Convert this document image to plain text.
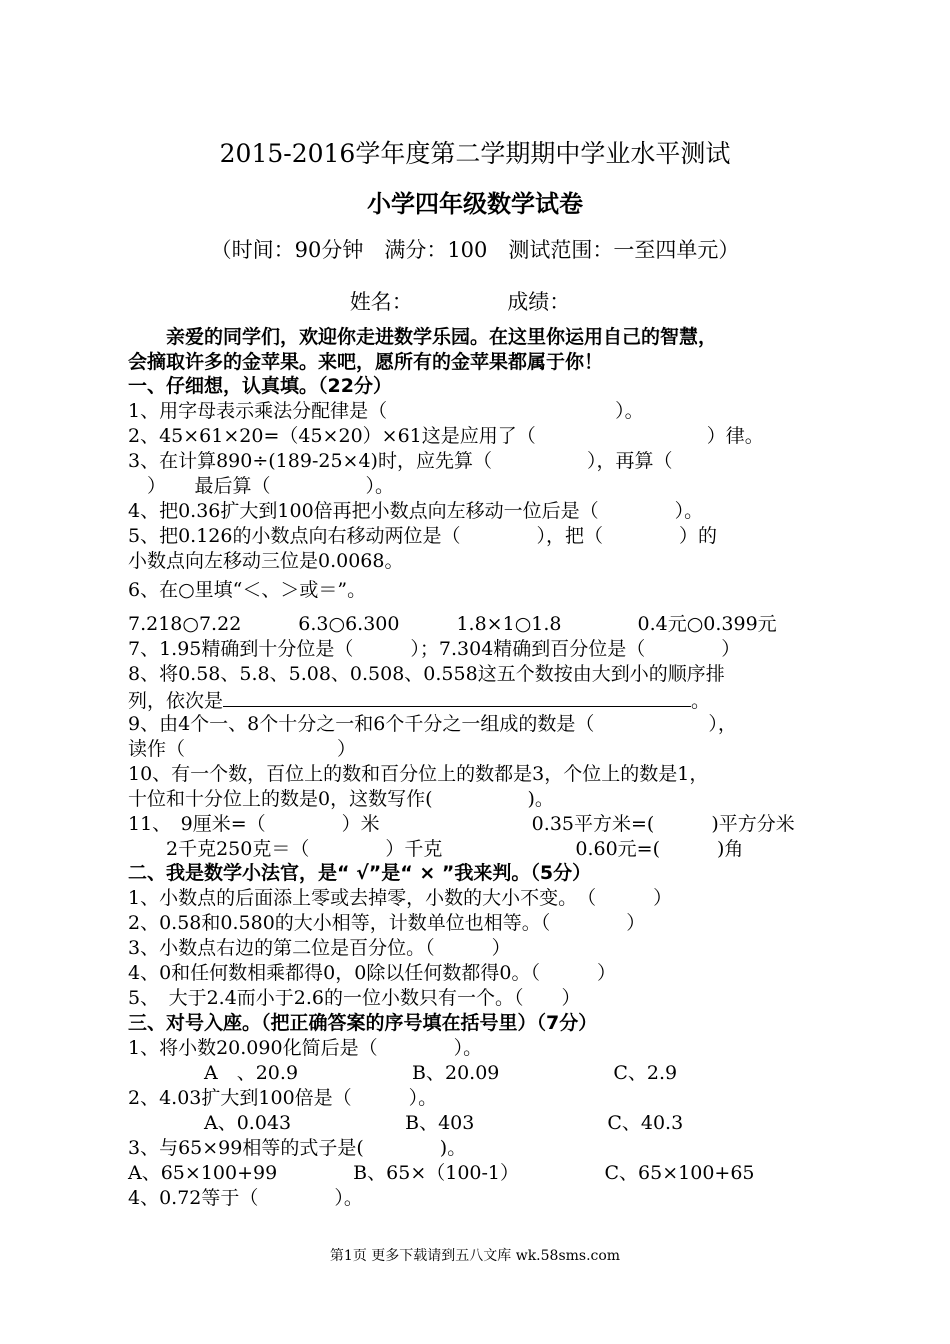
2015-2016学年度第二学期期中学业水平测试
小学四年级数学试卷
（时间：90分钟　满分：100　测试范围：一至四单元）
姓名：　　　　　成绩：
　　亲爱的同学们，欢迎你走进数学乐园。在这里你运用自己的智慧，
会摘取许多的金苹果。来吧，愿所有的金苹果都属于你！
一、仔细想，认真填。（22分）
1、用字母表示乘法分配律是（　　　　　　　　　　　　）。
2、45×61×20=（45×20）×61这是应用了（　　　　　　　　　）律。
3、在计算890÷(189-25×4)时，应先算（　　　　　），再算（
　）　　最后算（　　　　　）。
4、把0.36扩大到100倍再把小数点向左移动一位后是（　　　　）。
5、把0.126的小数点向右移动两位是（　　　　），把（　　　　）的
小数点向左移动三位是0.0068。
6、在○里填“＜、＞或＝”。
7.218○7.22　　　6.3○6.300　　　1.8×1○1.8　　　　0.4元○0.399元
7、1.95精确到十分位是（　　　）；7.304精确到百分位是（　　　　）
8、将0.58、5.8、5.08、0.508、0.558这五个数按由大到小的顺序排
列，依次是	。
9、由4个一、8个十分之一和6个千分之一组成的数是（　　　　　　），
读作（　　　　　　　　）
10、有一个数，百位上的数和百分位上的数都是3，个位上的数是1，
十位和十分位上的数是0，这数写作(　　　　　)。
11、　9厘米=（　　　　）米　　　　　　　　0.35平方米=(　　　)平方分米
　　2千克250克＝（　　　　）千克　　　　　　　0.60元=(　　　)角
二、我是数学小法官，是“ √”是“ × ”我来判。（5分）
1、小数点的后面添上零或去掉零，小数的大小不变。　（　　　）
2、0.58和0.580的大小相等，计数单位也相等。（　　　　）
3、小数点右边的第二位是百分位。（　　　）
4、0和任何数相乘都得0，0除以任何数都得0。（　　　）
5、　大于2.4而小于2.6的一位小数只有一个。（　　）
三、对号入座。（把正确答案的序号填在括号里）（7分）
1、将小数20.090化简后是（　　　　）。
　　　　A　、20.9　　　　　　B、20.09　　　　　　C、2.9
2、4.03扩大到100倍是（　　　）。
　　　　A、0.043　　　　　　B、403　　　　　　　C、40.3
3、与65×99相等的式子是(　　　　)。
A、65×100+99　　　　B、65×（100-1）　　　　　C、65×100+65
4、0.72等于（　　　　）。
第1页 更多下载请到五八文库 wk.58sms.com
